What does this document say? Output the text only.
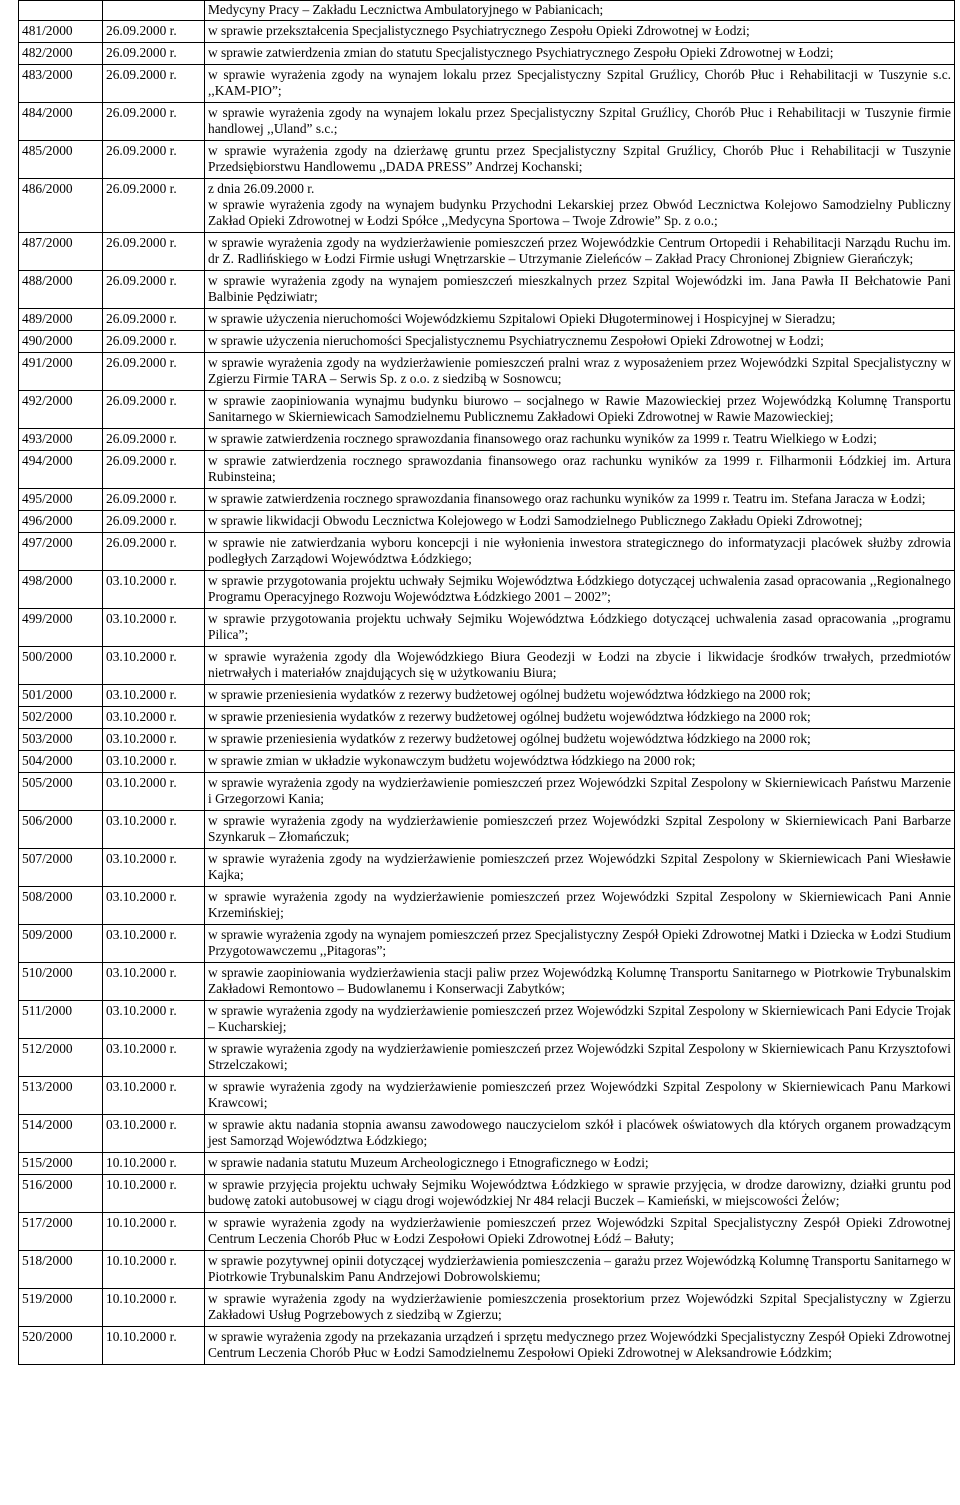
		Medycyny Pracy – Zakładu Lecznictwa Ambulatoryjnego w Pabianicach;
481/2000	26.09.2000 r.	w sprawie przekształcenia Specjalistycznego Psychiatrycznego Zespołu Opieki Zdrowotnej w Łodzi;
482/2000	26.09.2000 r.	w sprawie zatwierdzenia zmian do statutu Specjalistycznego Psychiatrycznego Zespołu Opieki Zdrowotnej w Łodzi;
483/2000	26.09.2000 r.	w sprawie wyrażenia zgody na wynajem lokalu przez Specjalistyczny Szpital Gruźlicy, Chorób Płuc i Rehabilitacji w Tuszynie s.c. ,,KAM-PIO”;
484/2000	26.09.2000 r.	w sprawie wyrażenia zgody na wynajem lokalu przez Specjalistyczny Szpital Gruźlicy, Chorób Płuc i Rehabilitacji w Tuszynie firmie handlowej ,,Uland” s.c.;
485/2000	26.09.2000 r.	w sprawie wyrażenia zgody na dzierżawę gruntu przez Specjalistyczny Szpital Gruźlicy, Chorób Płuc i Rehabilitacji w Tuszynie Przedsiębiorstwu Handlowemu ,,DADA PRESS” Andrzej Kochanski;
486/2000	26.09.2000 r.	z dnia 26.09.2000 r.
w sprawie wyrażenia zgody na wynajem budynku Przychodni Lekarskiej przez Obwód Lecznictwa Kolejowo Samodzielny Publiczny Zakład Opieki Zdrowotnej w Łodzi Spółce ,,Medycyna Sportowa – Twoje Zdrowie” Sp. z o.o.;
487/2000	26.09.2000 r.	w sprawie wyrażenia zgody na wydzierżawienie pomieszczeń przez Wojewódzkie Centrum Ortopedii i Rehabilitacji Narządu Ruchu im. dr Z. Radlińskiego w Łodzi Firmie usługi Wnętrzarskie – Utrzymanie Zieleńców – Zakład Pracy Chronionej Zbigniew Gierańczyk;
488/2000	26.09.2000 r.	w sprawie wyrażenia zgody na wynajem pomieszczeń mieszkalnych przez Szpital Wojewódzki im. Jana Pawła II Bełchatowie Pani Balbinie Pędziwiatr;
489/2000	26.09.2000 r.	w sprawie użyczenia nieruchomości Wojewódzkiemu Szpitalowi Opieki Długoterminowej i Hospicyjnej w Sieradzu;
490/2000	26.09.2000 r.	w sprawie użyczenia nieruchomości Specjalistycznemu Psychiatrycznemu Zespołowi Opieki Zdrowotnej w Łodzi;
491/2000	26.09.2000 r.	w sprawie wyrażenia zgody na wydzierżawienie pomieszczeń pralni wraz z wyposażeniem przez Wojewódzki Szpital Specjalistyczny w Zgierzu Firmie TARA – Serwis Sp. z o.o. z siedzibą w Sosnowcu;
492/2000	26.09.2000 r.	w sprawie zaopiniowania wynajmu budynku biurowo – socjalnego w Rawie Mazowieckiej przez Wojewódzką Kolumnę Transportu Sanitarnego w Skierniewicach Samodzielnemu Publicznemu Zakładowi Opieki Zdrowotnej w Rawie Mazowieckiej;
493/2000	26.09.2000 r.	w sprawie zatwierdzenia rocznego sprawozdania finansowego oraz rachunku wyników za 1999 r. Teatru Wielkiego w Łodzi;
494/2000	26.09.2000 r.	w sprawie zatwierdzenia rocznego sprawozdania finansowego oraz rachunku wyników za 1999 r. Filharmonii Łódzkiej im. Artura Rubinsteina;
495/2000	26.09.2000 r.	w sprawie zatwierdzenia rocznego sprawozdania finansowego oraz rachunku wyników za 1999 r. Teatru im. Stefana Jaracza w Łodzi;
496/2000	26.09.2000 r.	w sprawie likwidacji Obwodu Lecznictwa Kolejowego w Łodzi Samodzielnego Publicznego Zakładu Opieki Zdrowotnej;
497/2000	26.09.2000 r.	w sprawie nie zatwierdzania wyboru koncepcji i nie wyłonienia inwestora strategicznego do informatyzacji placówek służby zdrowia podległych Zarządowi Województwa Łódzkiego;
498/2000	03.10.2000 r.	w sprawie przygotowania projektu uchwały Sejmiku Województwa Łódzkiego dotyczącej uchwalenia zasad opracowania ,,Regionalnego Programu Operacyjnego Rozwoju Województwa Łódzkiego 2001 – 2002”;
499/2000	03.10.2000 r.	w sprawie przygotowania projektu uchwały Sejmiku Województwa Łódzkiego dotyczącej uchwalenia zasad opracowania ,,programu Pilica”;
500/2000	03.10.2000 r.	w sprawie wyrażenia zgody dla Wojewódzkiego Biura Geodezji w Łodzi na zbycie i likwidacje środków trwałych, przedmiotów nietrwałych i materiałów znajdujących się w użytkowaniu Biura;
501/2000	03.10.2000 r.	w sprawie przeniesienia wydatków z rezerwy budżetowej ogólnej budżetu województwa łódzkiego na 2000 rok;
502/2000	03.10.2000 r.	w sprawie przeniesienia wydatków z rezerwy budżetowej ogólnej budżetu województwa łódzkiego na 2000 rok;
503/2000	03.10.2000 r.	w sprawie przeniesienia wydatków z rezerwy budżetowej ogólnej budżetu województwa łódzkiego na 2000 rok;
504/2000	03.10.2000 r.	w sprawie zmian w układzie wykonawczym budżetu województwa łódzkiego na 2000 rok;
505/2000	03.10.2000 r.	w sprawie wyrażenia zgody na wydzierżawienie pomieszczeń przez Wojewódzki Szpital Zespolony w Skierniewicach Państwu Marzenie i Grzegorzowi Kania;
506/2000	03.10.2000 r.	w sprawie wyrażenia zgody na wydzierżawienie pomieszczeń przez Wojewódzki Szpital Zespolony w Skierniewicach Pani Barbarze Szynkaruk – Złomańczuk;
507/2000	03.10.2000 r.	w sprawie wyrażenia zgody na wydzierżawienie pomieszczeń przez Wojewódzki Szpital Zespolony w Skierniewicach Pani Wiesławie Kajka;
508/2000	03.10.2000 r.	w sprawie wyrażenia zgody na wydzierżawienie pomieszczeń przez Wojewódzki Szpital Zespolony w Skierniewicach Pani Annie Krzemińskiej;
509/2000	03.10.2000 r.	w sprawie wyrażenia zgody na wynajem pomieszczeń przez Specjalistyczny Zespół Opieki Zdrowotnej Matki i Dziecka w Łodzi Studium Przygotowawczemu ,,Pitagoras”;
510/2000	03.10.2000 r.	w sprawie zaopiniowania wydzierżawienia stacji paliw przez Wojewódzką Kolumnę Transportu Sanitarnego w Piotrkowie Trybunalskim Zakładowi Remontowo – Budowlanemu i Konserwacji Zabytków;
511/2000	03.10.2000 r.	w sprawie wyrażenia zgody na wydzierżawienie pomieszczeń przez Wojewódzki Szpital Zespolony w Skierniewicach Pani Edycie Trojak – Kucharskiej;
512/2000	03.10.2000 r.	w sprawie wyrażenia zgody na wydzierżawienie pomieszczeń przez Wojewódzki Szpital Zespolony w Skierniewicach Panu Krzysztofowi Strzelczakowi;
513/2000	03.10.2000 r.	w sprawie wyrażenia zgody na wydzierżawienie pomieszczeń przez Wojewódzki Szpital Zespolony w Skierniewicach Panu Markowi Krawcowi;
514/2000	03.10.2000 r.	w sprawie aktu nadania stopnia awansu zawodowego nauczycielom szkół i placówek oświatowych dla których organem prowadzącym jest Samorząd Województwa Łódzkiego;
515/2000	10.10.2000 r.	w sprawie nadania statutu Muzeum Archeologicznego i Etnograficznego w Łodzi;
516/2000	10.10.2000 r.	w sprawie przyjęcia projektu uchwały Sejmiku Województwa Łódzkiego w sprawie przyjęcia, w drodze darowizny, działki gruntu pod budowę zatoki autobusowej w ciągu drogi wojewódzkiej Nr 484 relacji Buczek – Kamieński, w miejscowości Żelów;
517/2000	10.10.2000 r.	w sprawie wyrażenia zgody na wydzierżawienie pomieszczeń przez Wojewódzki Szpital Specjalistyczny Zespół Opieki Zdrowotnej Centrum Leczenia Chorób Płuc w Łodzi Zespołowi Opieki Zdrowotnej Łódź – Bałuty;
518/2000	10.10.2000 r.	w sprawie pozytywnej opinii dotyczącej wydzierżawienia pomieszczenia – garażu przez Wojewódzką Kolumnę Transportu Sanitarnego w Piotrkowie Trybunalskim Panu Andrzejowi Dobrowolskiemu;
519/2000	10.10.2000 r.	w sprawie wyrażenia zgody na wydzierżawienie pomieszczenia prosektorium przez Wojewódzki Szpital Specjalistyczny w Zgierzu Zakładowi Usług Pogrzebowych z siedzibą w Zgierzu;
520/2000	10.10.2000 r.	w sprawie wyrażenia zgody na przekazania urządzeń i sprzętu medycznego przez Wojewódzki Specjalistyczny Zespół Opieki Zdrowotnej Centrum Leczenia Chorób Płuc w Łodzi Samodzielnemu Zespołowi Opieki Zdrowotnej w Aleksandrowie Łódzkim;
